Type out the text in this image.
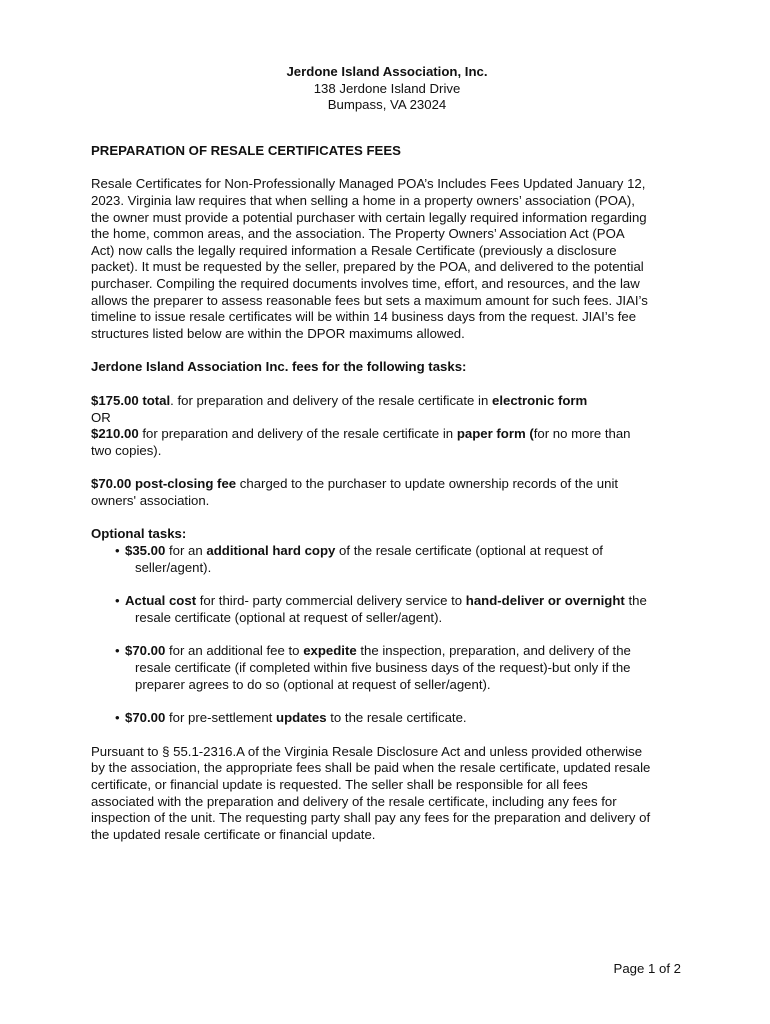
Jerdone Island Association, Inc.
138 Jerdone Island Drive
Bumpass, VA 23024
PREPARATION OF RESALE CERTIFICATES FEES

Resale Certificates for Non-Professionally Managed POA’s Includes Fees Updated January 12,
2023. Virginia law requires that when selling a home in a property owners’ association (POA),
the owner must provide a potential purchaser with certain legally required information regarding
the home, common areas, and the association. The Property Owners’ Association Act (POA
Act) now calls the legally required information a Resale Certificate (previously a disclosure
packet). It must be requested by the seller, prepared by the POA, and delivered to the potential
purchaser. Compiling the required documents involves time, effort, and resources, and the law
allows the preparer to assess reasonable fees but sets a maximum amount for such fees. JIAI’s
timeline to issue resale certificates will be within 14 business days from the request. JIAI’s fee
structures listed below are within the DPOR maximums allowed.

Jerdone Island Association Inc. fees for the following tasks:

$175.00 total. for preparation and delivery of the resale certificate in electronic form
OR
$210.00 for preparation and delivery of the resale certificate in paper form (for no more than
two copies).

$70.00 post-closing fee charged to the purchaser to update ownership records of the unit
owners' association.

Optional tasks:
• $35.00 for an additional hard copy of the resale certificate (optional at request of
seller/agent).
• Actual cost for third- party commercial delivery service to hand-deliver or overnight the
resale certificate (optional at request of seller/agent).
• $70.00 for an additional fee to expedite the inspection, preparation, and delivery of the
resale certificate (if completed within five business days of the request)-but only if the
preparer agrees to do so (optional at request of seller/agent).
• $70.00 for pre-settlement updates to the resale certificate.

Pursuant to § 55.1-2316.A of the Virginia Resale Disclosure Act and unless provided otherwise
by the association, the appropriate fees shall be paid when the resale certificate, updated resale
certificate, or financial update is requested. The seller shall be responsible for all fees
associated with the preparation and delivery of the resale certificate, including any fees for
inspection of the unit. The requesting party shall pay any fees for the preparation and delivery of
the updated resale certificate or financial update.

Page 1 of 2
